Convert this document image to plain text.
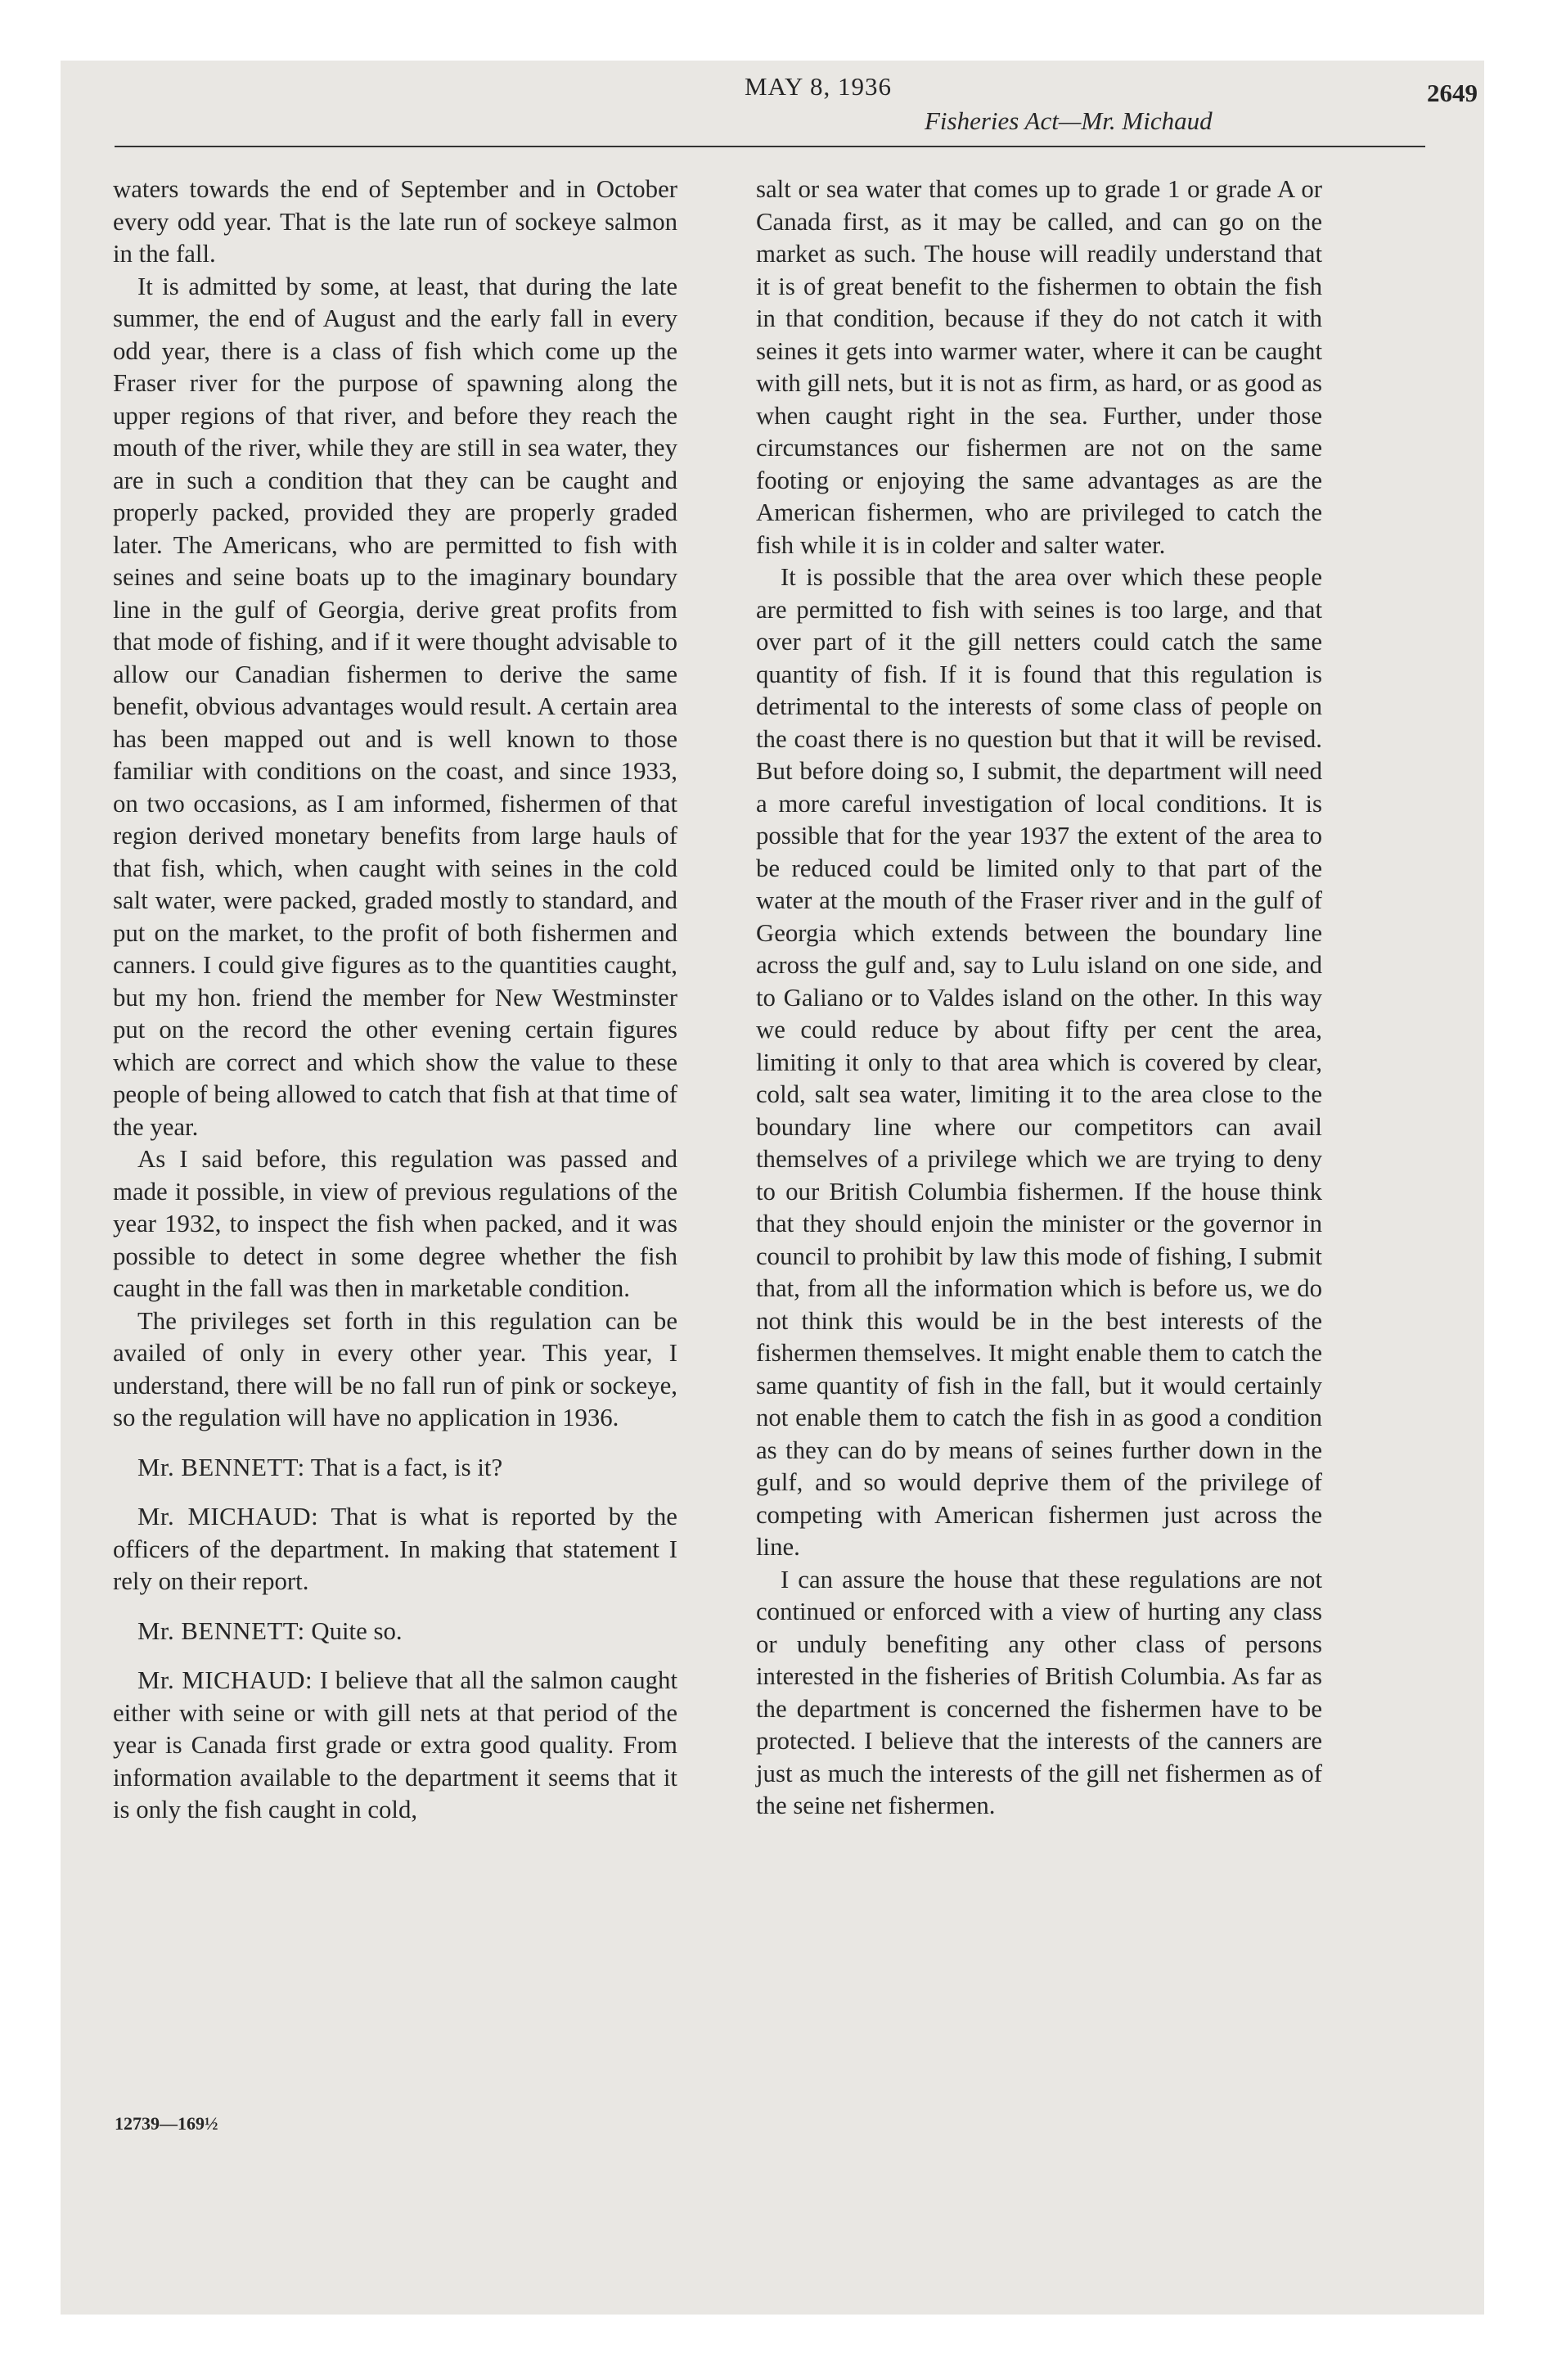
MAY 8, 1936	2649
Fisheries Act—Mr. Michaud

waters towards the end of September and in October every odd year. That is the late run of sockeye salmon in the fall.

It is admitted by some, at least, that during the late summer, the end of August and the early fall in every odd year, there is a class of fish which come up the Fraser river for the purpose of spawning along the upper regions of that river, and before they reach the mouth of the river, while they are still in sea water, they are in such a condition that they can be caught and properly packed, provided they are properly graded later. The Americans, who are permitted to fish with seines and seine boats up to the imaginary boundary line in the gulf of Georgia, derive great profits from that mode of fishing, and if it were thought advisable to allow our Canadian fishermen to derive the same benefit, obvious advantages would result. A certain area has been mapped out and is well known to those familiar with conditions on the coast, and since 1933, on two occasions, as I am informed, fishermen of that region derived monetary benefits from large hauls of that fish, which, when caught with seines in the cold salt water, were packed, graded mostly to standard, and put on the market, to the profit of both fishermen and canners. I could give figures as to the quantities caught, but my hon. friend the member for New Westminster put on the record the other evening certain figures which are correct and which show the value to these people of being allowed to catch that fish at that time of the year.

As I said before, this regulation was passed and made it possible, in view of previous regulations of the year 1932, to inspect the fish when packed, and it was possible to detect in some degree whether the fish caught in the fall was then in marketable condition.

The privileges set forth in this regulation can be availed of only in every other year. This year, I understand, there will be no fall run of pink or sockeye, so the regulation will have no application in 1936.

Mr. BENNETT: That is a fact, is it?

Mr. MICHAUD: That is what is reported by the officers of the department. In making that statement I rely on their report.

Mr. BENNETT: Quite so.

Mr. MICHAUD: I believe that all the salmon caught either with seine or with gill nets at that period of the year is Canada first grade or extra good quality. From information available to the department it seems that it is only the fish caught in cold,

salt or sea water that comes up to grade 1 or grade A or Canada first, as it may be called, and can go on the market as such. The house will readily understand that it is of great benefit to the fishermen to obtain the fish in that condition, because if they do not catch it with seines it gets into warmer water, where it can be caught with gill nets, but it is not as firm, as hard, or as good as when caught right in the sea. Further, under those circumstances our fishermen are not on the same footing or enjoying the same advantages as are the American fishermen, who are privileged to catch the fish while it is in colder and salter water.

It is possible that the area over which these people are permitted to fish with seines is too large, and that over part of it the gill netters could catch the same quantity of fish. If it is found that this regulation is detrimental to the interests of some class of people on the coast there is no question but that it will be revised. But before doing so, I submit, the department will need a more careful investigation of local conditions. It is possible that for the year 1937 the extent of the area to be reduced could be limited only to that part of the water at the mouth of the Fraser river and in the gulf of Georgia which extends between the boundary line across the gulf and, say to Lulu island on one side, and to Galiano or to Valdes island on the other. In this way we could reduce by about fifty per cent the area, limiting it only to that area which is covered by clear, cold, salt sea water, limiting it to the area close to the boundary line where our competitors can avail themselves of a privilege which we are trying to deny to our British Columbia fishermen. If the house think that they should enjoin the minister or the governor in council to prohibit by law this mode of fishing, I submit that, from all the information which is before us, we do not think this would be in the best interests of the fishermen themselves. It might enable them to catch the same quantity of fish in the fall, but it would certainly not enable them to catch the fish in as good a condition as they can do by means of seines further down in the gulf, and so would deprive them of the privilege of competing with American fishermen just across the line.

I can assure the house that these regulations are not continued or enforced with a view of hurting any class or unduly benefiting any other class of persons interested in the fisheries of British Columbia. As far as the department is concerned the fishermen have to be protected. I believe that the interests of the canners are just as much the interests of the gill net fishermen as of the seine net fishermen.

12739—169½
